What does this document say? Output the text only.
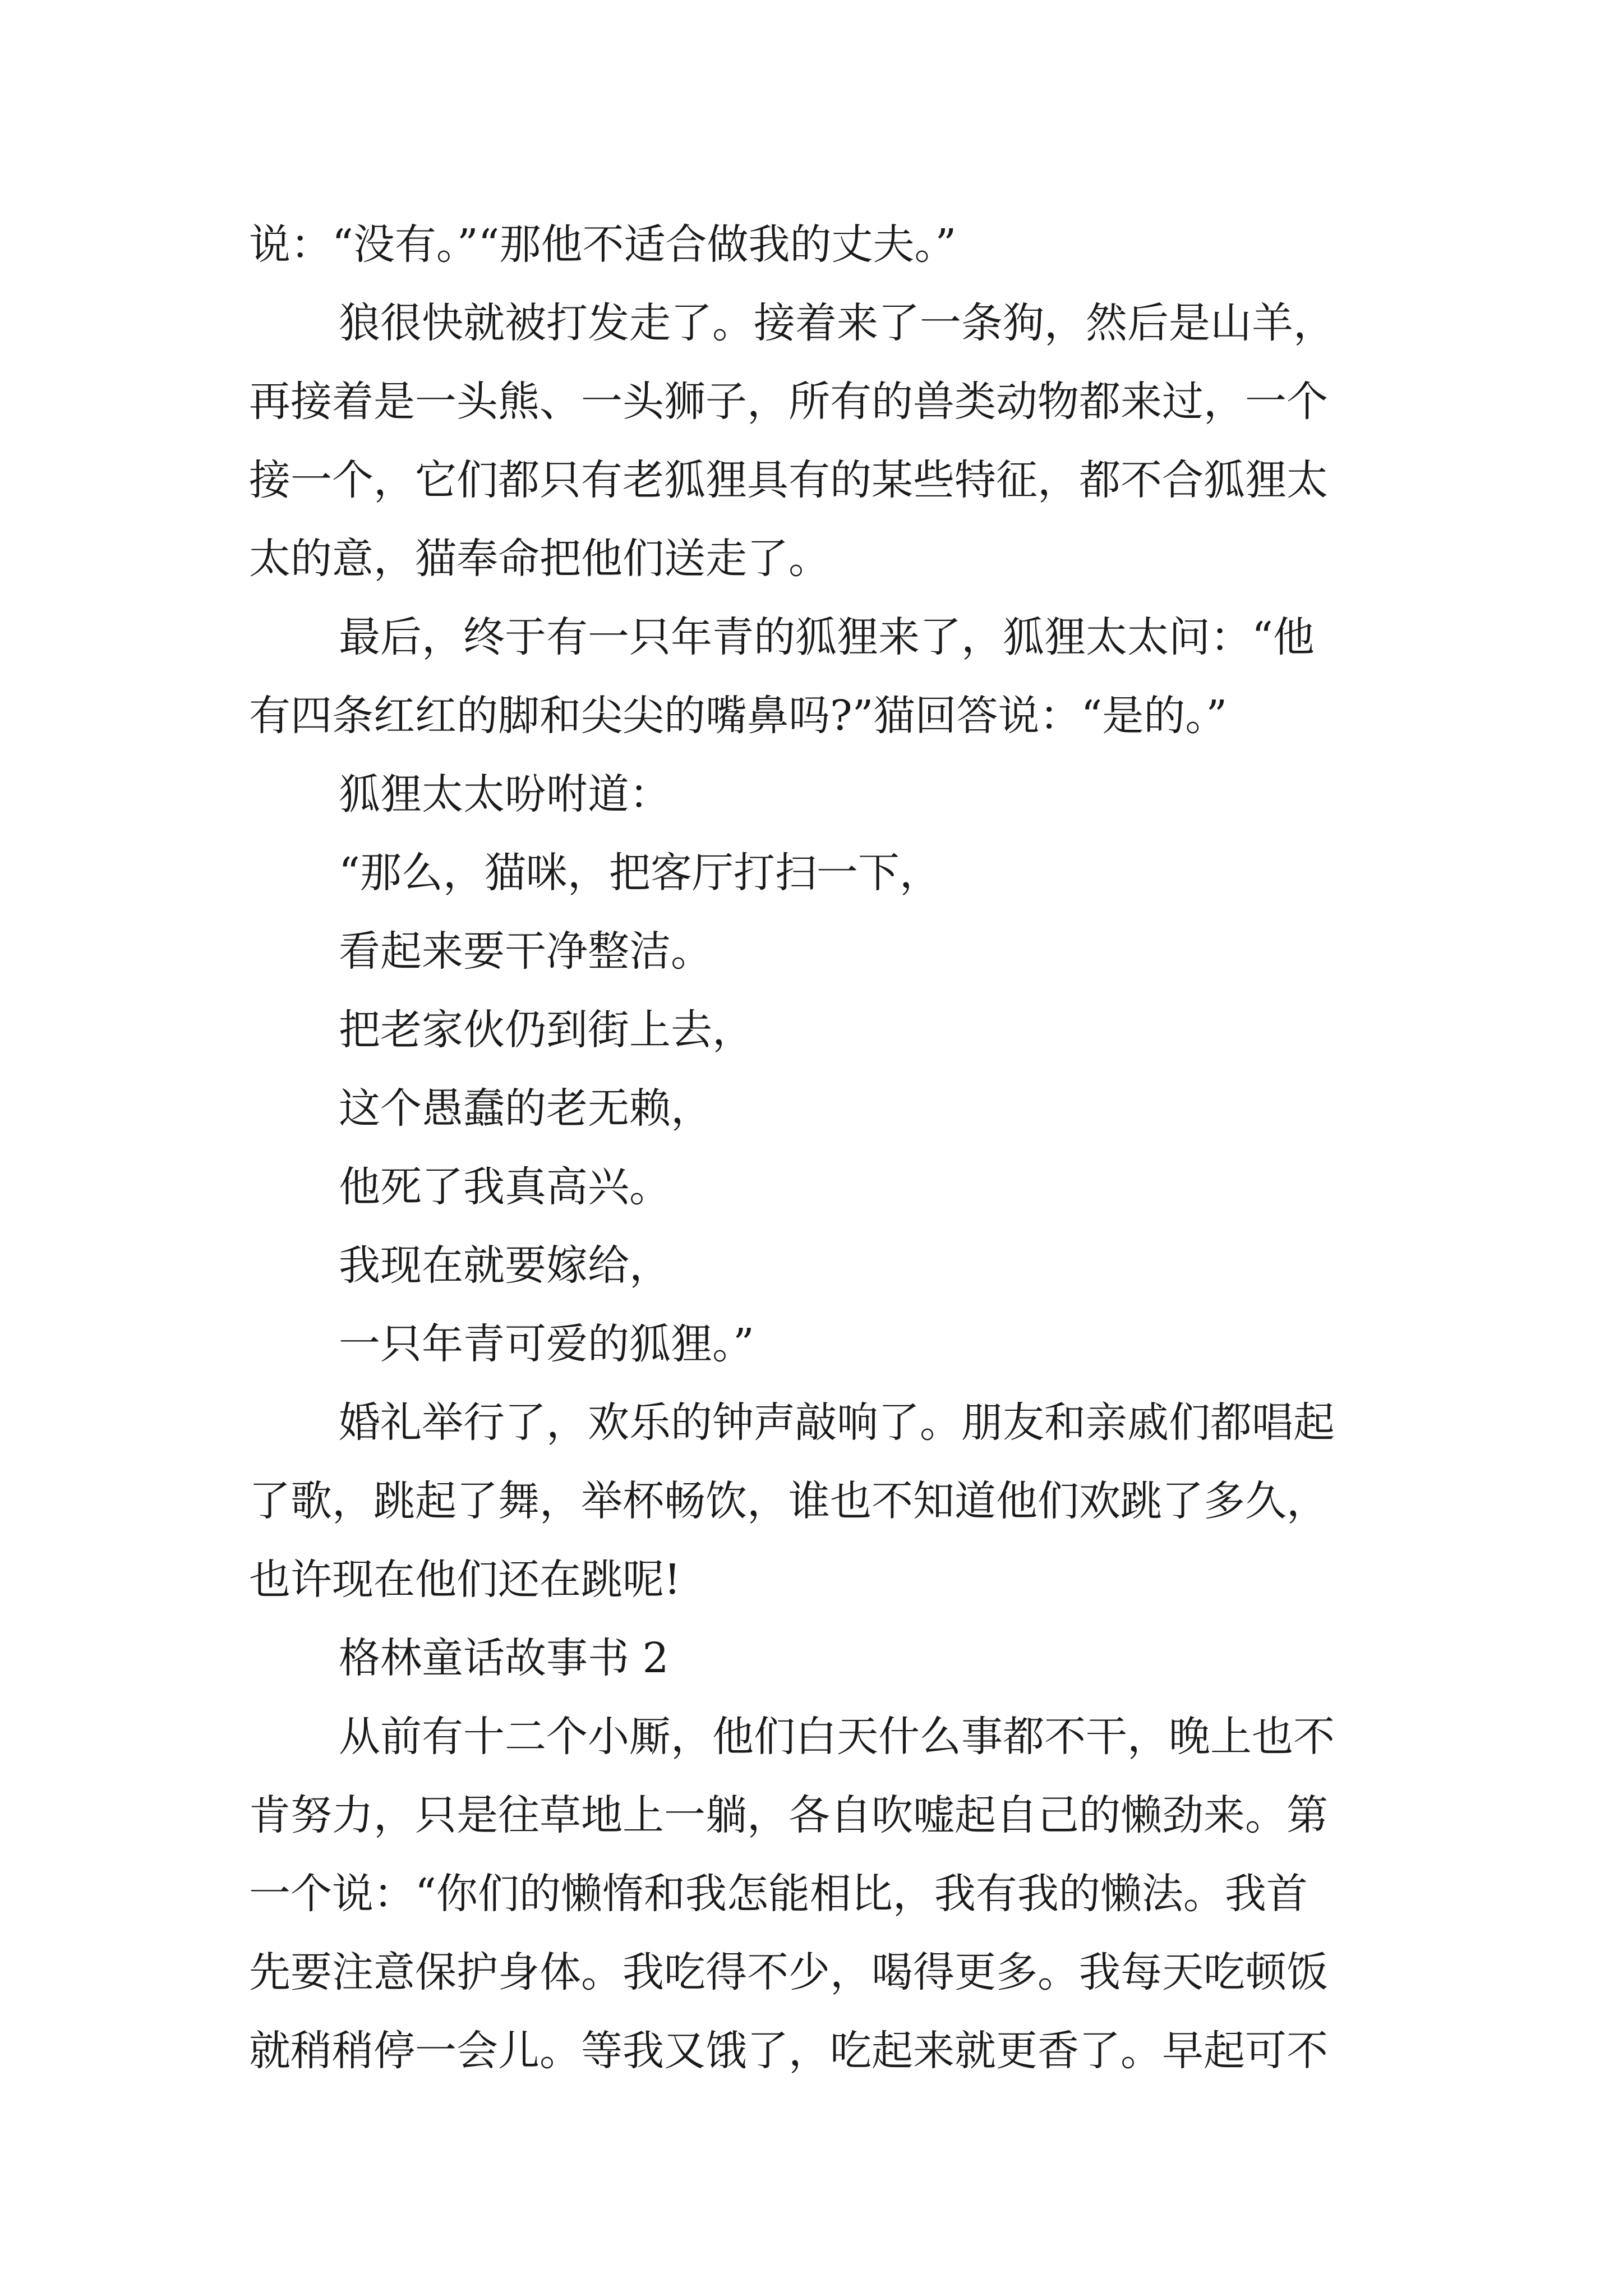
说：“没有。”“那他不适合做我的丈夫。”
狼很快就被打发走了。接着来了一条狗，然后是山羊，
再接着是一头熊、一头狮子，所有的兽类动物都来过，一个
接一个，它们都只有老狐狸具有的某些特征，都不合狐狸太
太的意，猫奉命把他们送走了。
最后，终于有一只年青的狐狸来了，狐狸太太问：“他
有四条红红的脚和尖尖的嘴鼻吗?”猫回答说：“是的。”
狐狸太太吩咐道：
“那么，猫咪，把客厅打扫一下，
看起来要干净整洁。
把老家伙仍到街上去，
这个愚蠢的老无赖，
他死了我真高兴。
我现在就要嫁给，
一只年青可爱的狐狸。”
婚礼举行了，欢乐的钟声敲响了。朋友和亲戚们都唱起
了歌，跳起了舞，举杯畅饮，谁也不知道他们欢跳了多久，
也许现在他们还在跳呢!
格林童话故事书 2
从前有十二个小厮，他们白天什么事都不干，晚上也不
肯努力，只是往草地上一躺，各自吹嘘起自己的懒劲来。第
一个说：“你们的懒惰和我怎能相比，我有我的懒法。我首
先要注意保护身体。我吃得不少，喝得更多。我每天吃顿饭
就稍稍停一会儿。等我又饿了，吃起来就更香了。早起可不
